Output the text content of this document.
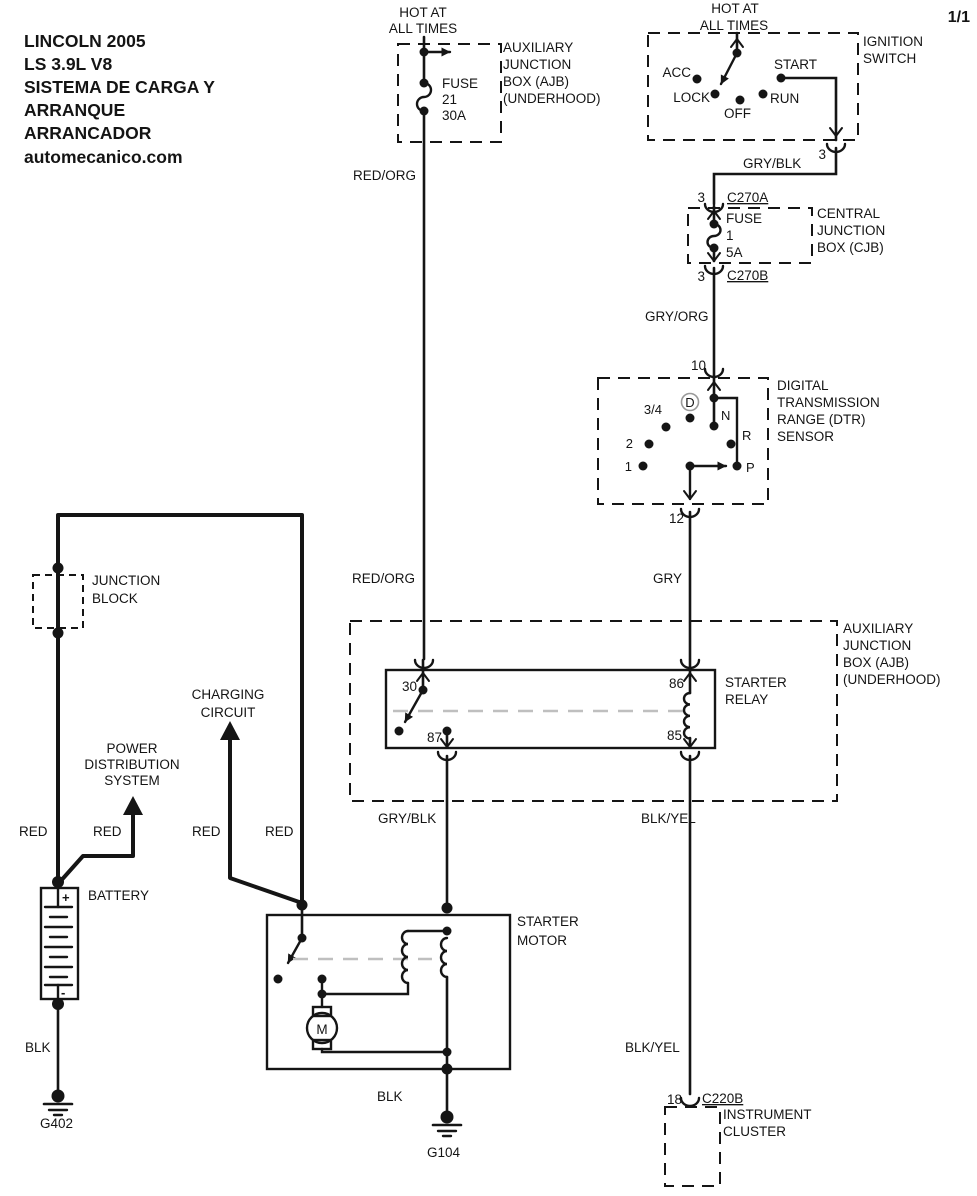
LINCOLN 2005
LS 3.9L V8
SISTEMA DE CARGA Y
ARRANQUE
ARRANCADOR
automecanico.com
1/1
HOT AT
ALL TIMES
FUSE
21
30A
AUXILIARY
JUNCTION
BOX (AJB)
(UNDERHOOD)
RED/ORG
RED/ORG
HOT AT
ALL TIMES
IGNITION
SWITCH
ACC
LOCK
OFF
RUN
START
3
GRY/BLK
3 C270A
FUSE
1
5A
CENTRAL
JUNCTION
BOX (CJB)
3 C270B
GRY/ORG
10
DIGITAL
TRANSMISSION
RANGE (DTR)
SENSOR
1
2
3/4 D
N
R
P
12
GRY
AUXILIARY
JUNCTION
BOX (AJB)
(UNDERHOOD)
STARTER
RELAY
30
87
86
85
GRY/BLK	BLK/YEL
BLK/YEL
18 C220B
INSTRUMENT
CLUSTER
JUNCTION
BLOCK
CHARGING
CIRCUIT
POWER
DISTRIBUTION
SYSTEM
RED	RED	RED	RED
+
-
BATTERY
BLK
G402
STARTER
MOTOR
M
BLK
G104
